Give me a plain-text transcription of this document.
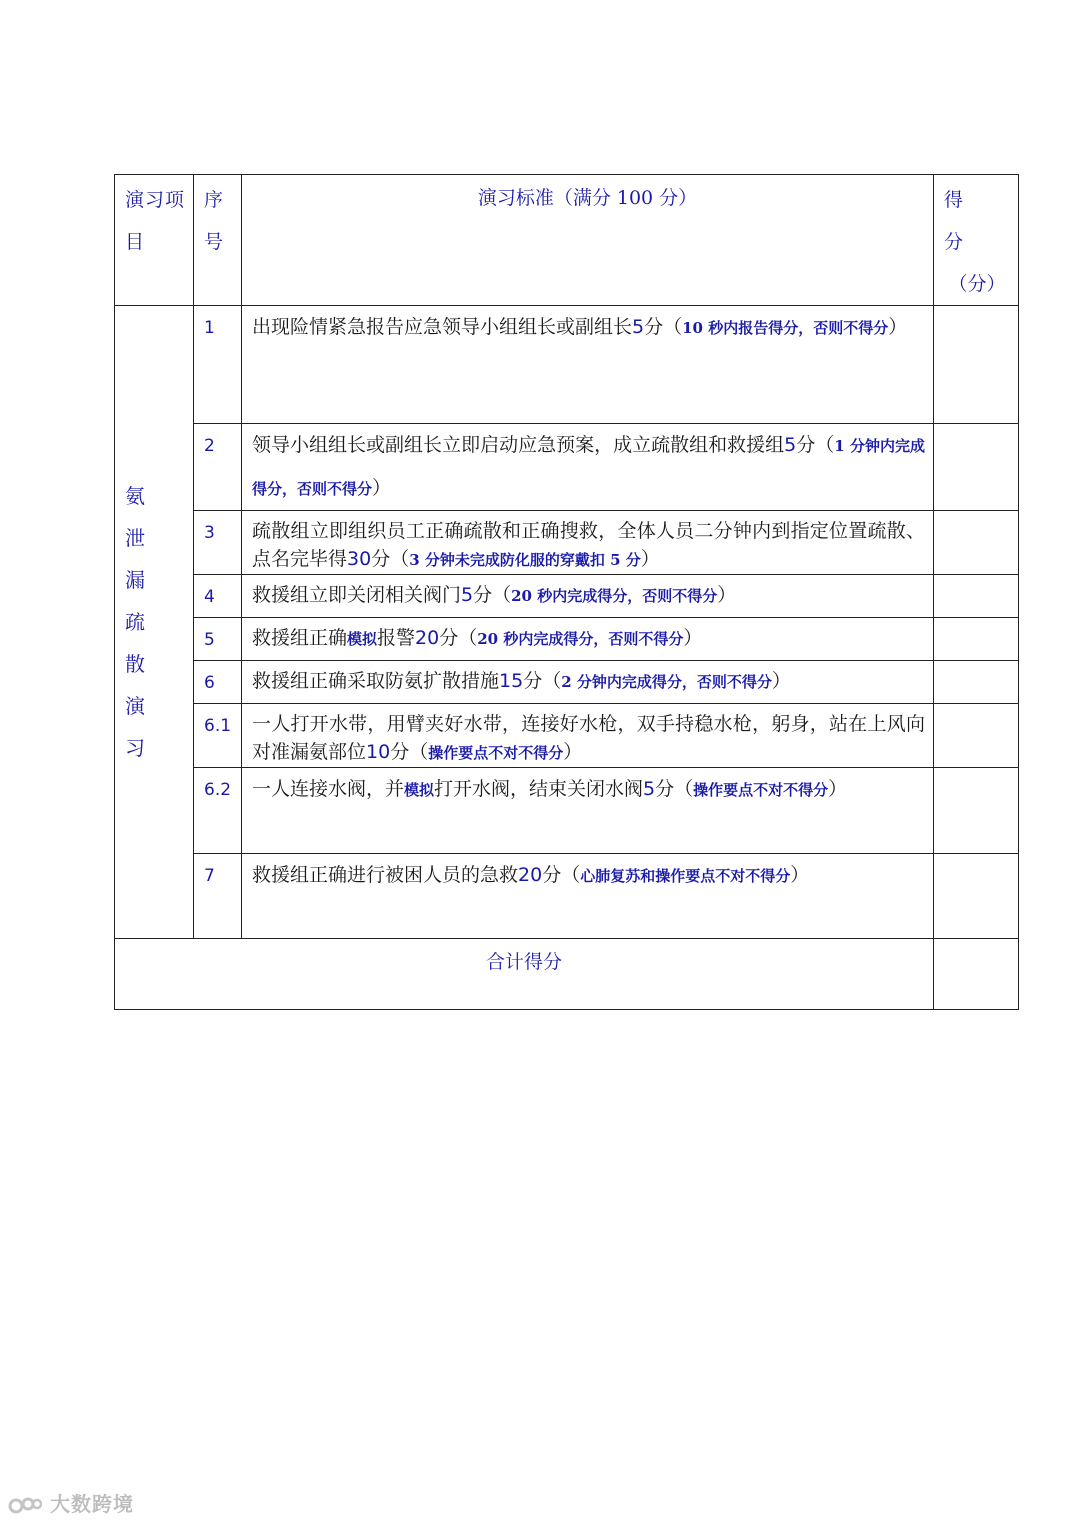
演习项目	序号	演习标准（满分 100 分）	得 分
（分）

氨泄漏疏散演习	1	出现险情紧急报告应急领导小组组长或副组长5分（10 秒内报告得分，否则不得分）	
	2	领导小组组长或副组长立即启动应急预案，成立疏散组和救援组5分（1 分钟内完成得分，否则不得分）	
	3	疏散组立即组织员工正确疏散和正确搜救，全体人员二分钟内到指定位置疏散、点名完毕得30分（3 分钟未完成防化服的穿戴扣 5 分）	
	4	救援组立即关闭相关阀门5分（20 秒内完成得分，否则不得分）	
	5	救援组正确模拟报警20分（20 秒内完成得分，否则不得分）	
	6	救援组正确采取防氨扩散措施15分（2 分钟内完成得分，否则不得分）	
	6.1	一人打开水带，用臂夹好水带，连接好水枪，双手持稳水枪，躬身，站在上风向对准漏氨部位10分（操作要点不对不得分）	
	6.2	一人连接水阀，并模拟打开水阀，结束关闭水阀5分（操作要点不对不得分）	
	7	救援组正确进行被困人员的急救20分（心肺复苏和操作要点不对不得分）	
合计得分			
大数跨境
